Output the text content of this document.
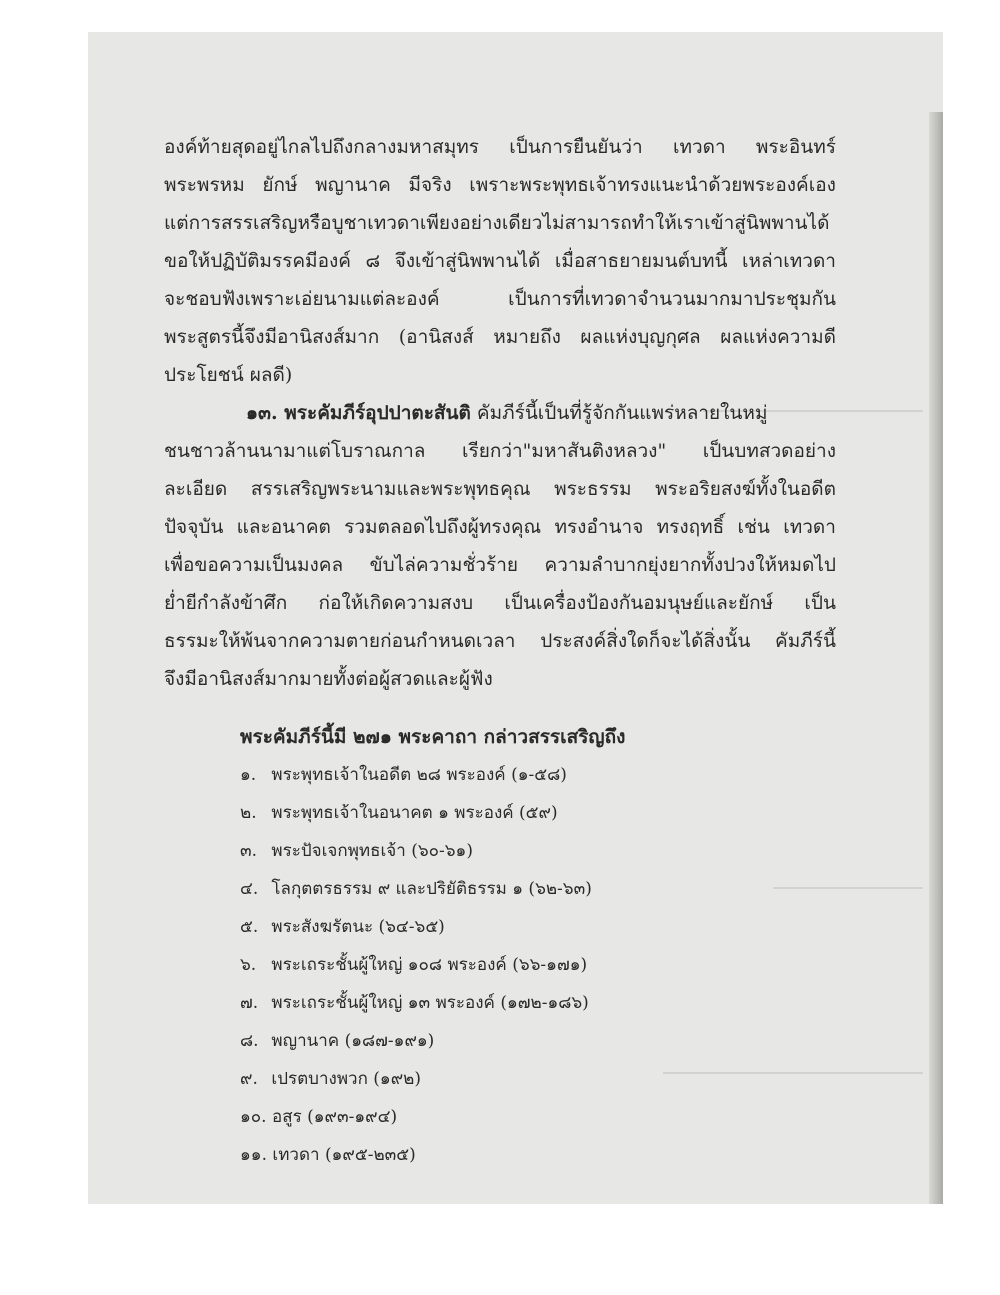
องค์ท้ายสุดอยู่ไกลไปถึงกลางมหาสมุทร เป็นการยืนยันว่า เทวดา พระอินทร์
พระพรหม ยักษ์ พญานาค มีจริง เพราะพระพุทธเจ้าทรงแนะนำด้วยพระองค์เอง
แต่การสรรเสริญหรือบูชาเทวดาเพียงอย่างเดียวไม่สามารถทำให้เราเข้าสู่นิพพานได้
ขอให้ปฏิบัติมรรคมีองค์ ๘ จึงเข้าสู่นิพพานได้ เมื่อสาธยายมนต์บทนี้ เหล่าเทวดา
จะชอบฟังเพราะเอ่ยนามแต่ละองค์	เป็นการที่เทวดาจำนวนมากมาประชุมกัน
พระสูตรนี้จึงมีอานิสงส์มาก (อานิสงส์ หมายถึง ผลแห่งบุญกุศล ผลแห่งความดี
ประโยชน์ ผลดี)
๑๓. พระคัมภีร์อุปปาตะสันติ คัมภีร์นี้เป็นที่รู้จักกันแพร่หลายในหมู่
ชนชาวล้านนามาแต่โบราณกาล เรียกว่า"มหาสันติงหลวง" เป็นบทสวดอย่าง
ละเอียด สรรเสริญพระนามและพระพุทธคุณ พระธรรม พระอริยสงฆ์ทั้งในอดีต
ปัจจุบัน และอนาคต รวมตลอดไปถึงผู้ทรงคุณ ทรงอำนาจ ทรงฤทธิ์ เช่น เทวดา
เพื่อขอความเป็นมงคล ขับไล่ความชั่วร้าย ความลำบากยุ่งยากทั้งปวงให้หมดไป
ย่ำยีกำลังข้าศึก ก่อให้เกิดความสงบ เป็นเครื่องป้องกันอมนุษย์และยักษ์ เป็น
ธรรมะให้พ้นจากความตายก่อนกำหนดเวลา ประสงค์สิ่งใดก็จะได้สิ่งนั้น คัมภีร์นี้
จึงมีอานิสงส์มากมายทั้งต่อผู้สวดและผู้ฟัง
พระคัมภีร์นี้มี ๒๗๑ พระคาถา กล่าวสรรเสริญถึง
๑. พระพุทธเจ้าในอดีต ๒๘ พระองค์ (๑-๕๘)
๒. พระพุทธเจ้าในอนาคต ๑ พระองค์ (๕๙)
๓. พระปัจเจกพุทธเจ้า (๖๐-๖๑)
๔. โลกุตตรธรรม ๙ และปริยัติธรรม ๑ (๖๒-๖๓)
๕. พระสังฆรัตนะ (๖๔-๖๕)
๖. พระเถระชั้นผู้ใหญ่ ๑๐๘ พระองค์ (๖๖-๑๗๑)
๗. พระเถระชั้นผู้ใหญ่ ๑๓ พระองค์ (๑๗๒-๑๘๖)
๘. พญานาค (๑๘๗-๑๙๑)
๙. เปรตบางพวก (๑๙๒)
๑๐. อสูร (๑๙๓-๑๙๔)
๑๑. เทวดา (๑๙๕-๒๓๕)
